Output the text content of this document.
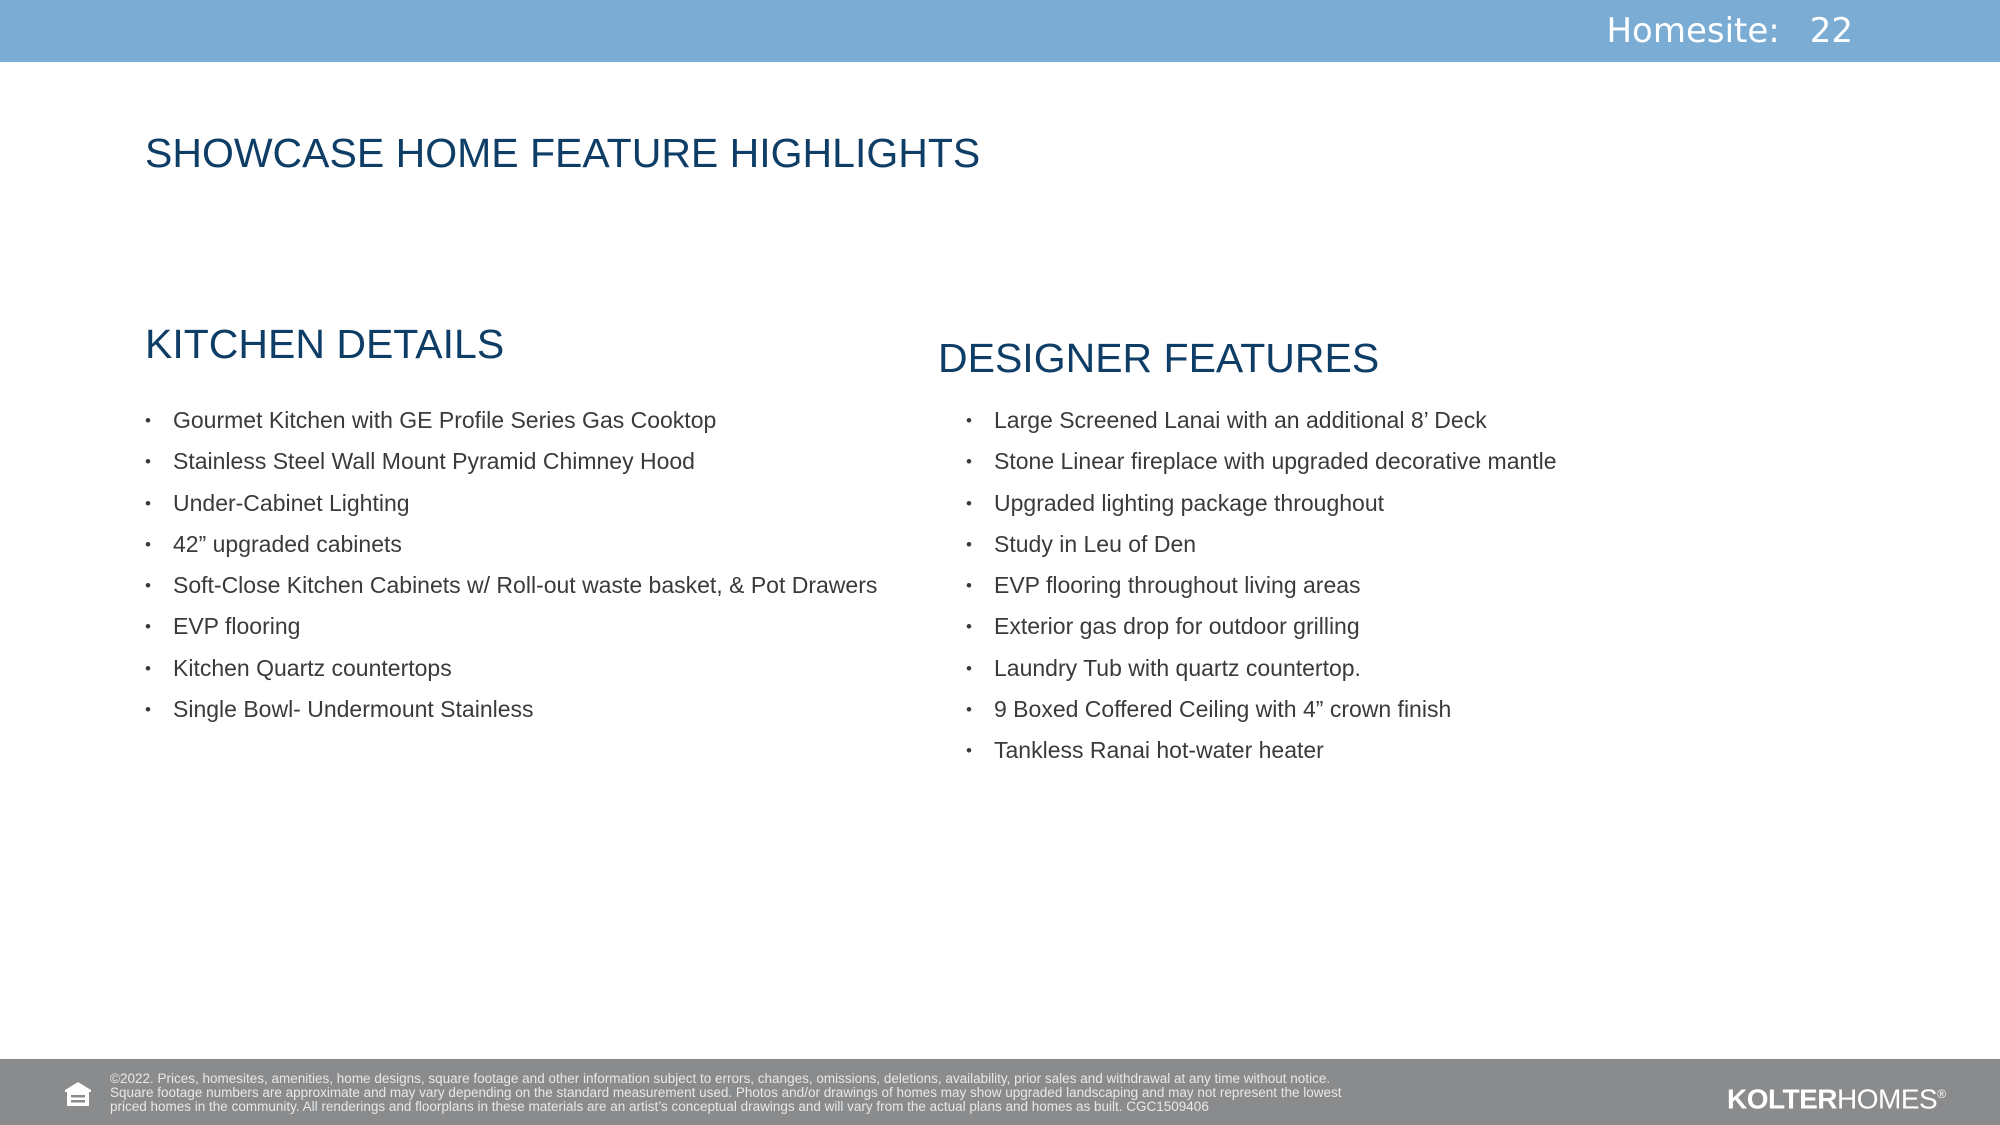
Homesite: 22
SHOWCASE HOME FEATURE HIGHLIGHTS
KITCHEN DETAILS
• Gourmet Kitchen with GE Profile Series Gas Cooktop
• Stainless Steel Wall Mount Pyramid Chimney Hood
• Under-Cabinet Lighting
• 42” upgraded cabinets
• Soft-Close Kitchen Cabinets w/ Roll-out waste basket, & Pot Drawers
• EVP flooring
• Kitchen Quartz countertops
• Single Bowl- Undermount Stainless
DESIGNER FEATURES
• Large Screened Lanai with an additional 8’ Deck
• Stone Linear fireplace with upgraded decorative mantle
• Upgraded lighting package throughout
• Study in Leu of Den
• EVP flooring throughout living areas
• Exterior gas drop for outdoor grilling
• Laundry Tub with quartz countertop.
• 9 Boxed Coffered Ceiling with 4” crown finish
• Tankless Ranai hot-water heater

©2022. Prices, homesites, amenities, home designs, square footage and other information subject to errors, changes, omissions, deletions, availability, prior sales and withdrawal at any time without notice.

Square footage numbers are approximate and may vary depending on the standard measurement used. Photos and/or drawings of homes may show upgraded landscaping and may not represent the lowest

priced homes in the community. All renderings and floorplans in these materials are an artist’s conceptual drawings and will vary from the actual plans and homes as built. CGC1509406	KOLTERHOMES®
